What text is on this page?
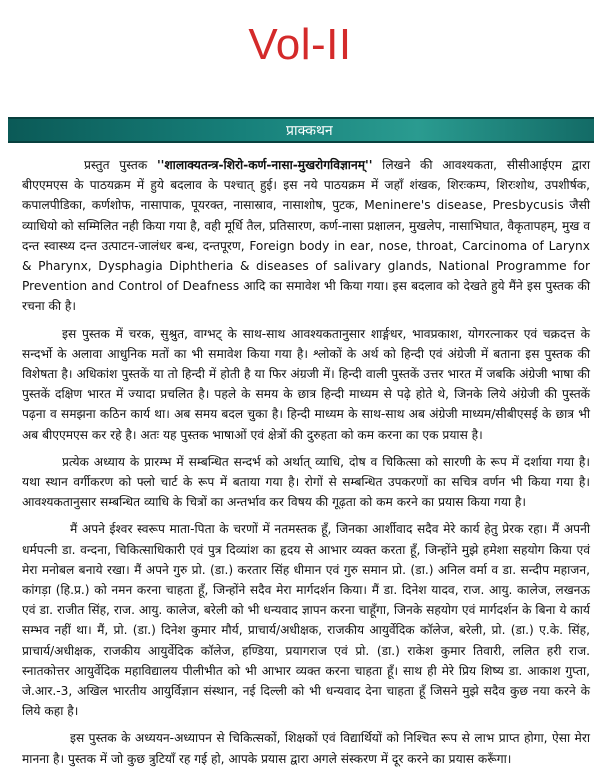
Vol-II
प्राक्कथन

प्रस्तुत पुस्तक ''शालाक्यतन्त्र-शिरो-कर्ण-नासा-मुखरोगविज्ञानम्'' लिखने की आवश्यकता, सीसीआईएम द्वारा बीएएमएस के पाठयक्रम में हुये बदलाव के पश्चात् हुई। इस नये पाठयक्रम में जहाँ शंखक, शिरःकम्प, शिरःशोथ, उपशीर्षक, कपालपीडिका, कर्णशोफ, नासापाक, पूयरक्त, नासास्राव, नासाशोष, पुटक, Meninere's disease, Presbycusis जैसी व्याधियो को सम्मिलित नही किया गया है, वही मूर्धि तैल, प्रतिसारण, कर्ण-नासा प्रक्षालन, मुखलेप, नासाभिघात, वैकृतापहम्, मुख व दन्त स्वास्थ्य दन्त उत्पाटन-जालंधर बन्ध, दन्तपूरण, Foreign body in ear, nose, throat, Carcinoma of Larynx & Pharynx, Dysphagia Diphtheria & diseases of salivary glands, National Programme for Prevention and Control of Deafness आदि का समावेश भी किया गया। इस बदलाव को देखते हुये मैंने इस पुस्तक की रचना की है।

इस पुस्तक में चरक, सुश्रुत, वाग्भट् के साथ-साथ आवश्यकतानुसार शार्ङ्गधर, भावप्रकाश, योगरत्नाकर एवं चक्रदत्त के सन्दर्भो के अलावा आधुनिक मतों का भी समावेश किया गया है। श्लोकों के अर्थ को हिन्दी एवं अंग्रेजी में बताना इस पुस्तक की विशेषता है। अधिकांश पुस्तकें या तो हिन्दी में होती है या फिर अंग्रजी में। हिन्दी वाली पुस्तकें उत्तर भारत में जबकि अंग्रेजी भाषा की पुस्तकें दक्षिण भारत में ज्यादा प्रचलित है। पहले के समय के छात्र हिन्दी माध्यम से पढ़े होते थे, जिनके लिये अंग्रेजी की पुस्तकें पढ़ना व समझना कठिन कार्य था। अब समय बदल चुका है। हिन्दी माध्यम के साथ-साथ अब अंग्रेजी माध्यम/सीबीएसई के छात्र भी अब बीएएमएस कर रहे है। अतः यह पुस्तक भाषाओं एवं क्षेत्रों की दुरुहता को कम करना का एक प्रयास है।

प्रत्येक अध्याय के प्रारम्भ में सम्बन्धित सन्दर्भ को अर्थात् व्याधि, दोष व चिकित्सा को सारणी के रूप में दर्शाया गया है। यथा स्थान वर्गीकरण को फ्लो चार्ट के रूप में बताया गया है। रोगों से सम्बन्धित उपकरणों का सचित्र वर्णन भी किया गया है। आवश्यकतानुसार सम्बन्धित व्याधि के चित्रों का अन्तर्भाव कर विषय की गूढ़ता को कम करने का प्रयास किया गया है।

मैं अपने ईश्वर स्वरूप माता-पिता के चरणों में नतमस्तक हूँ, जिनका आर्शीवाद सदैव मेरे कार्य हेतु प्रेरक रहा। मैं अपनी धर्मपत्नी डा. वन्दना, चिकित्साधिकारी एवं पुत्र दिव्यांश का हृदय से आभार व्यक्त करता हूँ, जिन्होंने मुझे हमेशा सहयोग किया एवं मेरा मनोबल बनाये रखा। मैं अपने गुरु प्रो. (डा.) करतार सिंह धीमान एवं गुरु समान प्रो. (डा.) अनिल वर्मा व डा. सन्दीप महाजन, कांगड़ा (हि.प्र.) को नमन करना चाहता हूँ, जिन्होंने सदैव मेरा मार्गदर्शन किया। मैं डा. दिनेश यादव, राज. आयु. कालेज, लखनऊ एवं डा. राजीत सिंह, राज. आयु. कालेज, बरेली को भी धन्यवाद ज्ञापन करना चाहूँगा, जिनके सहयोग एवं मार्गदर्शन के बिना ये कार्य सम्भव नहीं था। मैं, प्रो. (डा.) दिनेश कुमार मौर्य, प्राचार्य/अधीक्षक, राजकीय आयुर्वेदिक कॉलेज, बरेली, प्रो. (डा.) ए.के. सिंह, प्राचार्य/अधीक्षक, राजकीय आयुर्वेदिक कॉलेज, हण्डिया, प्रयागराज एवं प्रो. (डा.) राकेश कुमार तिवारी, ललित हरी राज. स्नातकोत्तर आयुर्वेदिक महाविद्यालय पीलीभीत को भी आभार व्यक्त करना चाहता हूँ। साथ ही मेरे प्रिय शिष्य डा. आकाश गुप्ता, जे.आर.-3, अखिल भारतीय आयुर्विज्ञान संस्थान, नई दिल्ली को भी धन्यवाद देना चाहता हूँ जिसने मुझे सदैव कुछ नया करने के लिये कहा है।

इस पुस्तक के अध्ययन-अध्यापन से चिकित्सकों, शिक्षकों एवं विद्यार्थियों को निश्चित रूप से लाभ प्राप्त होगा, ऐसा मेरा मानना है। पुस्तक में जो कुछ त्रुटियाँ रह गई हो, आपके प्रयास द्वारा अगले संस्करण में दूर करने का प्रयास करूँगा।
